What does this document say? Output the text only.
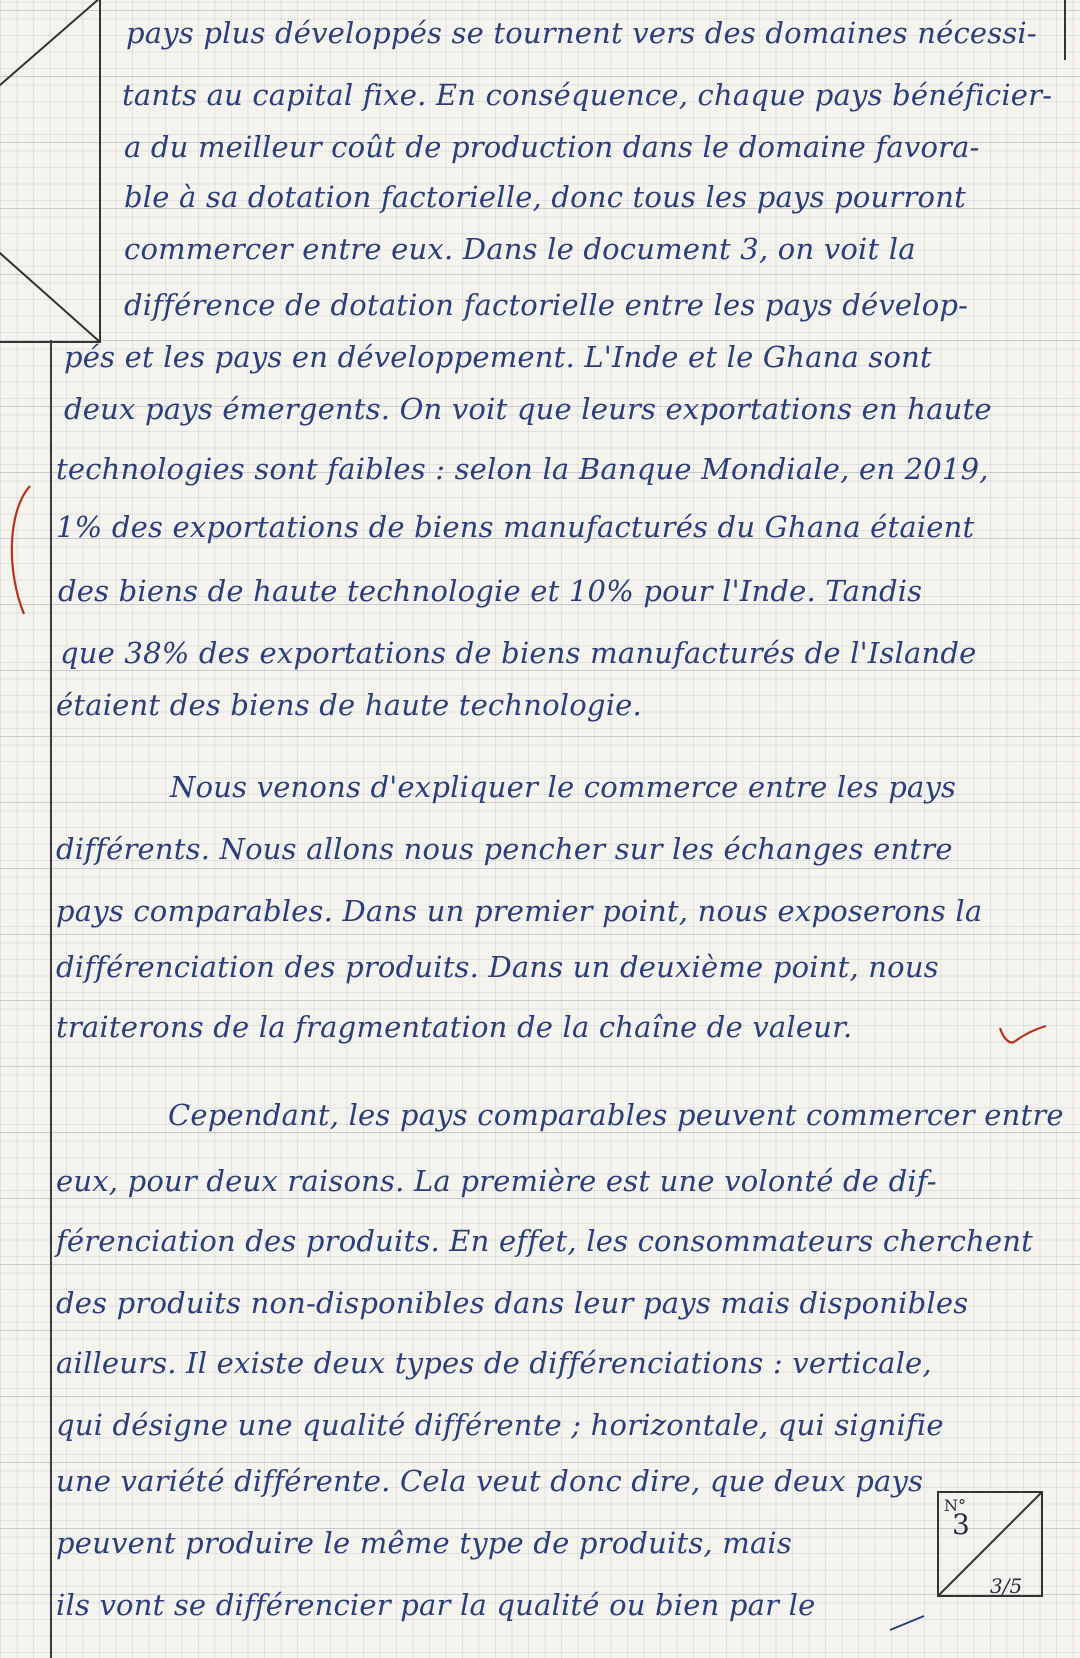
pays plus développés se tournent vers des domaines nécessi-
tants au capital fixe. En conséquence, chaque pays bénéficier-
a du meilleur coût de production dans le domaine favora-
ble à sa dotation factorielle, donc tous les pays pourront
commercer entre eux. Dans le document 3, on voit la
différence de dotation factorielle entre les pays dévelop-
pés et les pays en développement. L'Inde et le Ghana sont
deux pays émergents. On voit que leurs exportations en haute
technologies sont faibles : selon la Banque Mondiale, en 2019,
1% des exportations de biens manufacturés du Ghana étaient
des biens de haute technologie et 10% pour l'Inde. Tandis
que 38% des exportations de biens manufacturés de l'Islande
étaient des biens de haute technologie.
Nous venons d'expliquer le commerce entre les pays
différents. Nous allons nous pencher sur les échanges entre
pays comparables. Dans un premier point, nous exposerons la
différenciation des produits. Dans un deuxième point, nous
traiterons de la fragmentation de la chaîne de valeur.
Cependant, les pays comparables peuvent commercer entre
eux, pour deux raisons. La première est une volonté de dif-
férenciation des produits. En effet, les consommateurs cherchent
des produits non-disponibles dans leur pays mais disponibles
ailleurs. Il existe deux types de différenciations : verticale,
qui désigne une qualité différente ; horizontale, qui signifie
une variété différente. Cela veut donc dire, que deux pays
peuvent produire le même type de produits, mais
ils vont se différencier par la qualité ou bien par le
N°
3
3/5
